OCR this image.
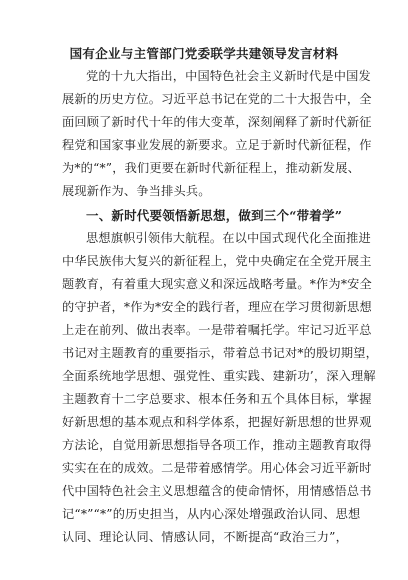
国有企业与主管部门党委联学共建领导发言材料
党的十九大指出，中国特色社会主义新时代是中国发
展新的历史方位。习近平总书记在党的二十大报告中，全
面回顾了新时代十年的伟大变革，深刻阐释了新时代新征
程党和国家事业发展的新要求。立足于新时代新征程，作
为*的“*”，我们更要在新时代新征程上，推动新发展、
展现新作为、争当排头兵。
一、新时代要领悟新思想，做到三个“带着学”
思想旗帜引领伟大航程。在以中国式现代化全面推进
中华民族伟大复兴的新征程上，党中央确定在全党开展主
题教育，有着重大现实意义和深远战略考量。*作为*安全
的守护者，*作为*安全的践行者，理应在学习贯彻新思想
上走在前列、做出表率。一是带着嘱托学。牢记习近平总
书记对主题教育的重要指示，带着总书记对*的殷切期望，
全面系统地学思想、强党性、重实践、建新功’，深入理解
主题教育十二字总要求、根本任务和五个具体目标，掌握
好新思想的基本观点和科学体系，把握好新思想的世界观
方法论，自觉用新思想指导各项工作，推动主题教育取得
实实在在的成效。二是带着感情学。用心体会习近平新时
代中国特色社会主义思想蕴含的使命情怀，用情感悟总书
记“*”“*”的历史担当，从内心深处增强政治认同、思想
认同、理论认同、情感认同，不断提高“政治三力”，
